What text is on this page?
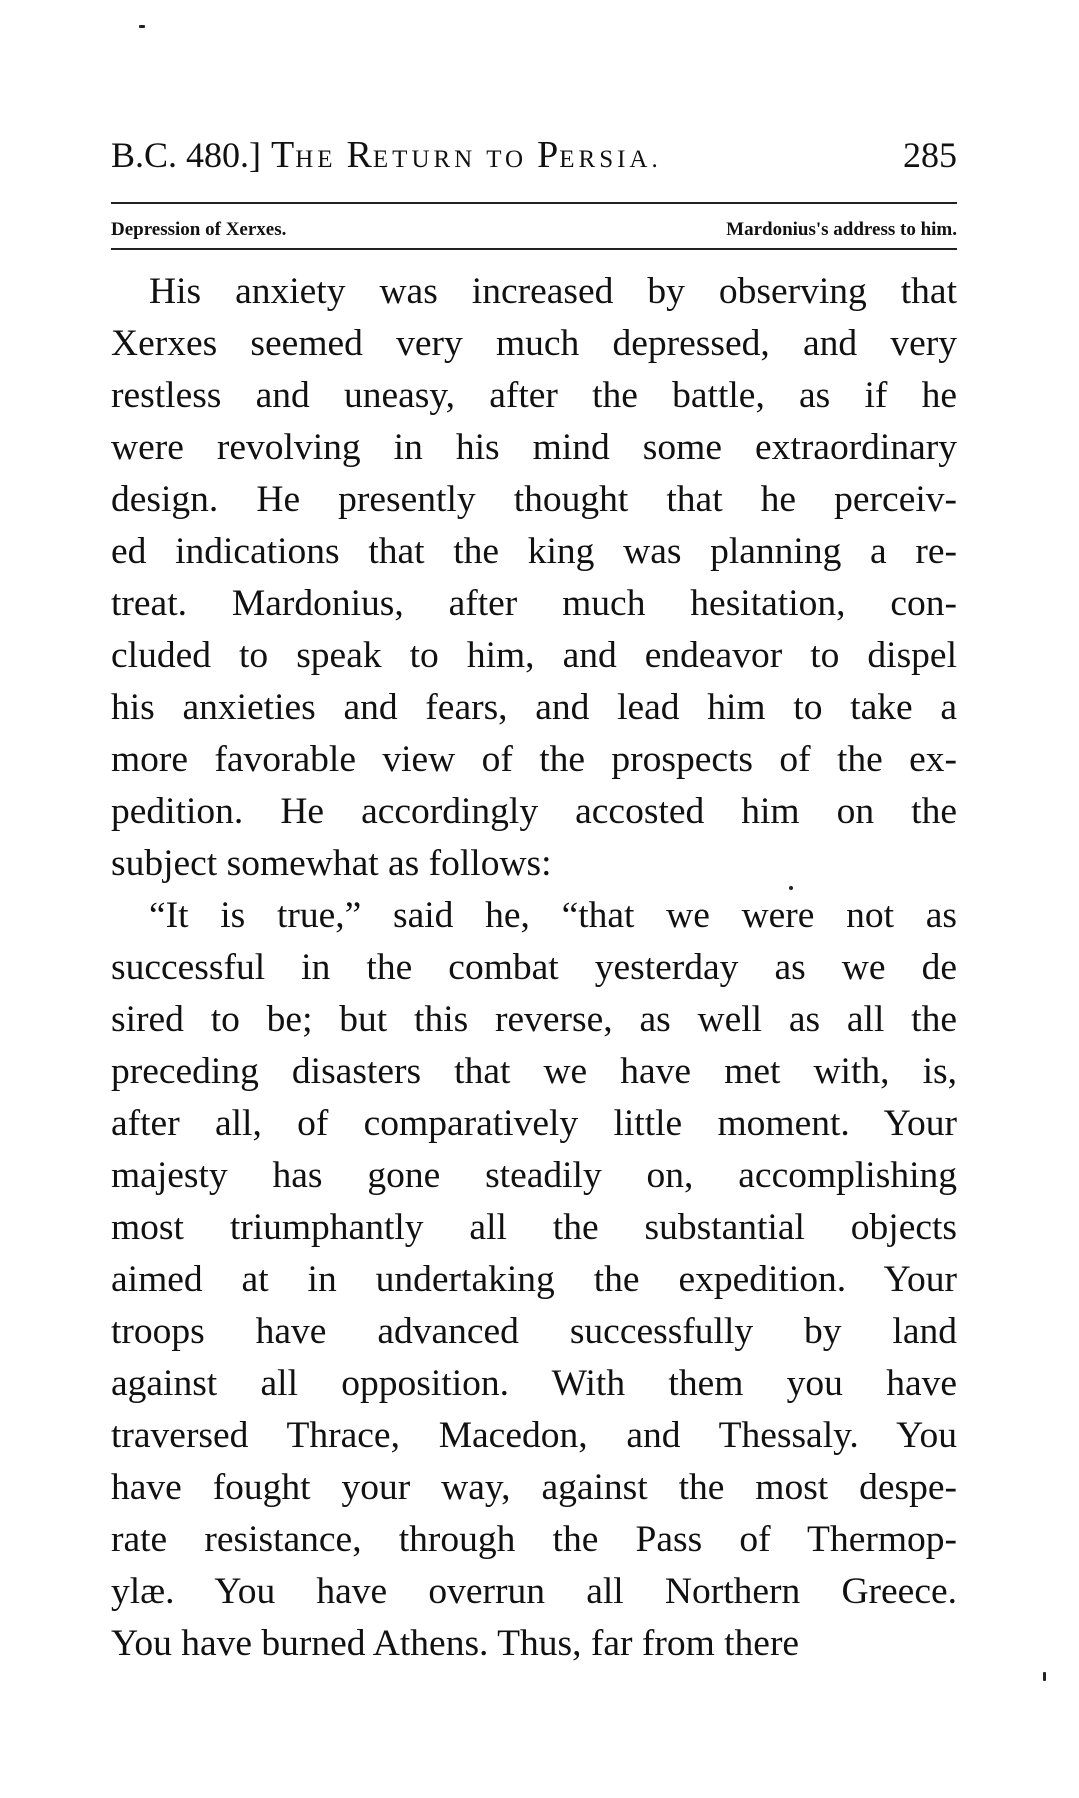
B.C. 480.] THE RETURN TO PERSIA.	285
Depression of Xerxes.	Mardonius's address to him.
His anxiety was increased by observing that
Xerxes seemed very much depressed, and very
restless and uneasy, after the battle, as if he
were revolving in his mind some extraordinary
design. He presently thought that he perceiv-
ed indications that the king was planning a re-
treat. Mardonius, after much hesitation, con-
cluded to speak to him, and endeavor to dispel
his anxieties and fears, and lead him to take a
more favorable view of the prospects of the ex-
pedition. He accordingly accosted him on the
subject somewhat as follows:
“It is true,” said he, “that we were not as
successful in the combat yesterday as we de
sired to be; but this reverse, as well as all the
preceding disasters that we have met with, is,
after all, of comparatively little moment. Your
majesty has gone steadily on, accomplishing
most triumphantly all the substantial objects
aimed at in undertaking the expedition. Your
troops have advanced successfully by land
against all opposition. With them you have
traversed Thrace, Macedon, and Thessaly. You
have fought your way, against the most despe-
rate resistance, through the Pass of Thermop-
ylæ. You have overrun all Northern Greece.
You have burned Athens. Thus, far from there
